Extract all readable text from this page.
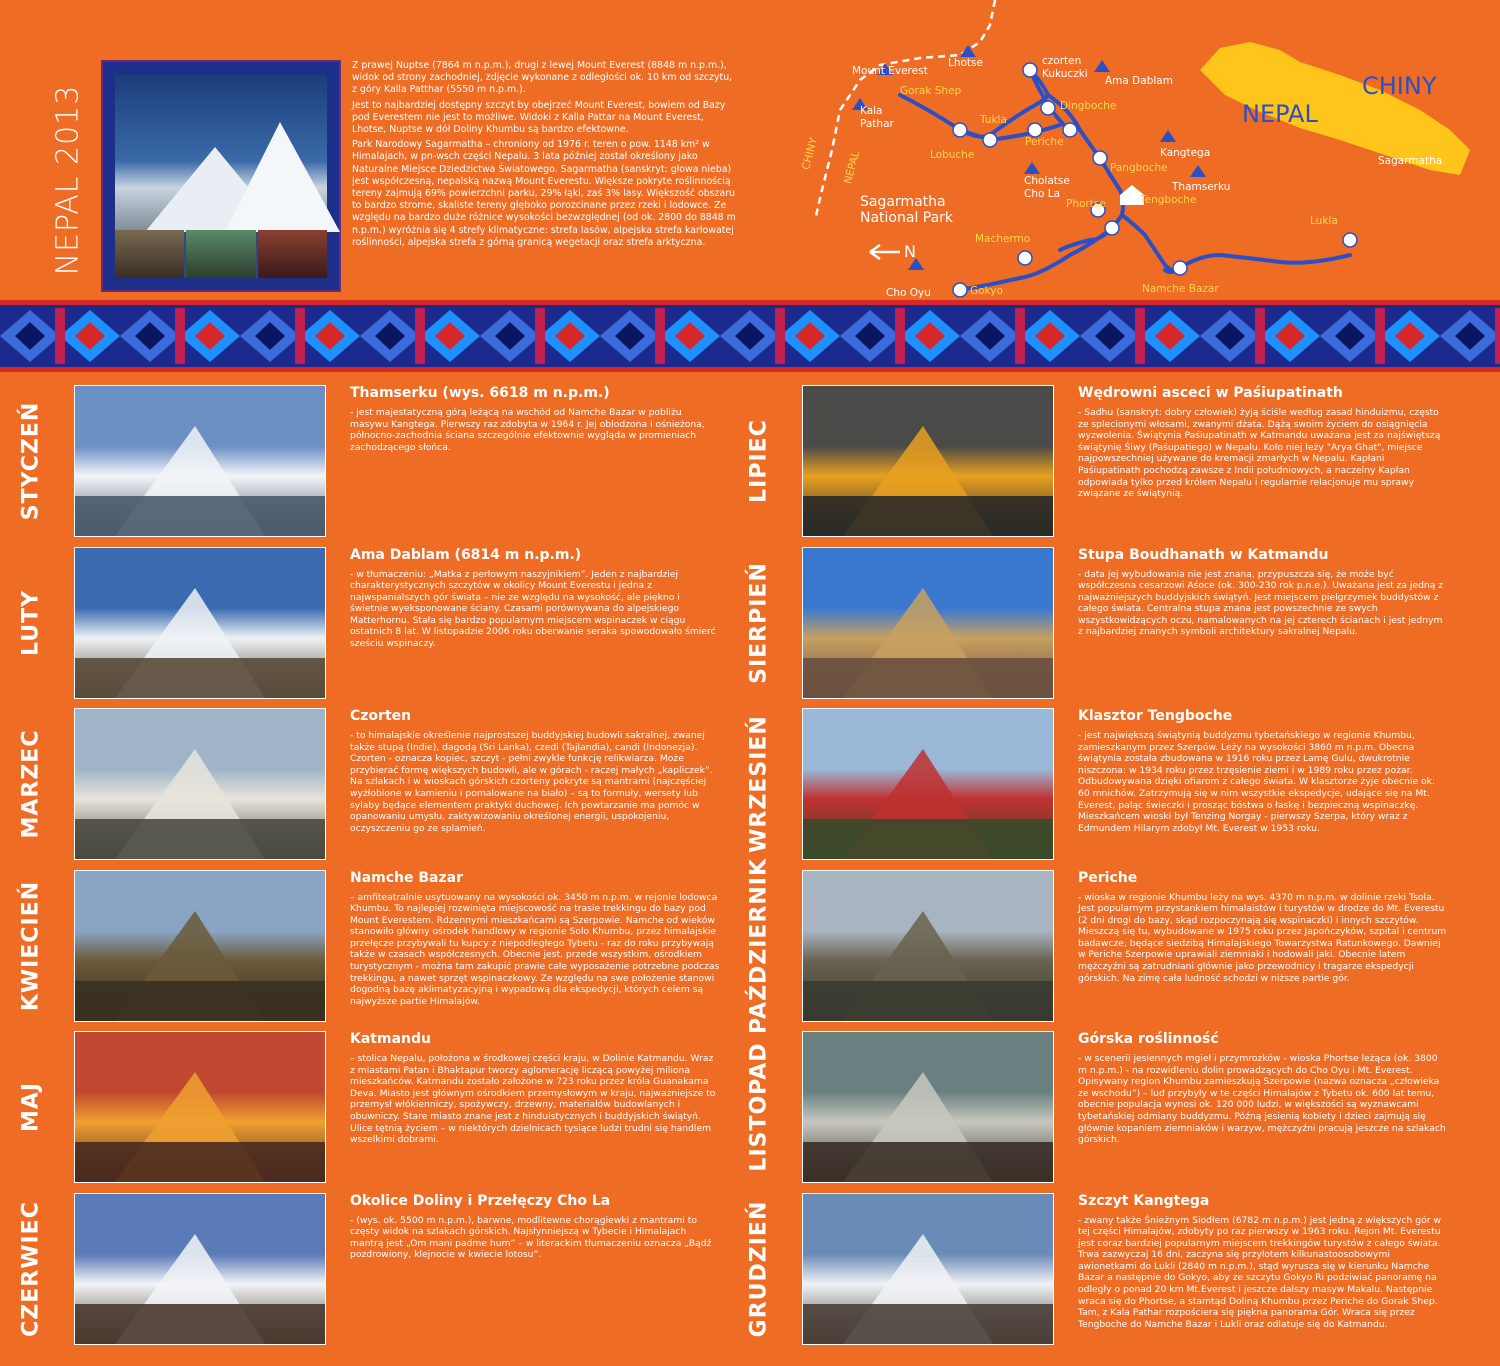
NEPAL 2013

Z prawej Nuptse (7864 m n.p.m.), drugi z lewej Mount Everest (8848 m n.p.m.), widok od strony zachodniej, zdjęcie wykonane z odległości ok. 10 km od szczytu, z góry Kalla Patthar (5550 m n.p.m.).

Jest to najbardziej dostępny szczyt by obejrzeć Mount Everest, bowiem od Bazy pod Everestem nie jest to możliwe. Widoki z Kalla Pattar na Mount Everest, Lhotse, Nuptse w dół Doliny Khumbu są bardzo efektowne.

Park Narodowy Sagarmatha – chroniony od 1976 r. teren o pow. 1148 km² w Himalajach, w pn-wsch części Nepalu. 3 lata później został określony jako Naturalne Miejsce Dziedzictwa Światowego. Sagarmatha (sanskryt: głowa nieba) jest współczesną, nepalską nazwą Mount Everestu. Większe pokryte roślinnością tereny zajmują 69% powierzchni parku, 29% łąki, zaś 3% lasy. Większość obszaru to bardzo strome, skaliste tereny głęboko porozcinane przez rzeki i lodowce. Ze względu na bardzo duże różnice wysokości bezwzględnej (od ok. 2800 do 8848 m n.p.m.) wyróżnia się 4 strefy klimatyczne: strefa lasów, alpejska strefa karłowatej roślinności, alpejska strefa z górną granicą wegetacji oraz strefa arktyczna.

Mount Everest
Lhotse	czorten
Kukuczki
Ama Dablam
Kala
Pathar
Gorak Shep
Tukla
Dingboche
Lobuche
Periche
CHINY NEPAL	Kangtega
Pangboche
Cholatse
Cho La
Thamserku
Sagarmatha
National Park
Phortse	Tengboche
Machermo
N
Cho Oyu	Gokyo	Namche Bazar
Lukla
NEPAL
CHINY
Sagarmatha
STYCZEŃ
Thamserku (wys. 6618 m n.p.m.)
- jest majestatyczną górą leżącą na wschód od Namche Bazar w pobliżu masywu Kangtega. Pierwszy raz zdobyta w 1964 r. Jej oblodzona i ośnieżona, północno-zachodnia ściana szczególnie efektownie wygląda w promieniach zachodzącego słońca.
LUTY
Ama Dablam (6814 m n.p.m.)
- w tłumaczeniu: „Matka z perłowym naszyjnikiem”. Jeden z najbardziej charakterystycznych szczytów w okolicy Mount Everestu i jedna z najwspanialszych gór świata – nie ze względu na wysokość, ale piękno i świetnie wyeksponowane ściany. Czasami porównywana do alpejskiego Matterhornu. Stała się bardzo popularnym miejscem wspinaczek w ciągu ostatnich 8 lat. W listopadzie 2006 roku oberwanie seraka spowodowało śmierć sześciu wspinaczy.
MARZEC
Czorten
- to himalajskie określenie najprostszej buddyjskiej budowli sakralnej, zwanej także stupą (Indie), dagodą (Sri Lanka), czedi (Tajlandia), candi (Indonezja). Czorten - oznacza kopiec, szczyt - pełni zwykle funkcję relikwiarza. Może przybierać formę większych budowli, ale w górach - raczej małych „kapliczek”. Na szlakach i w wioskach górskich czorteny pokryte są mantrami (najczęściej wyżłobione w kamieniu i pomalowane na biało) – są to formuły, wersety lub sylaby będące elementem praktyki duchowej. Ich powtarzanie ma pomóc w opanowaniu umysłu, zaktywizowaniu określonej energii, uspokojeniu, oczyszczeniu go ze splamień.
KWIECIEŃ
Namche Bazar
– amfiteatralnie usytuowany na wysokości ok. 3450 m n.p.m. w rejonie lodowca Khumbu. To najlepiej rozwinięta miejscowość na trasie trekkingu do bazy pod Mount Everestem. Rdzennymi mieszkańcami są Szerpowie. Namche od wieków stanowiło główny ośrodek handlowy w regionie Solo Khumbu, przez himalajskie przełęcze przybywali tu kupcy z niepodległego Tybetu - raz do roku przybywają także w czasach współczesnych. Obecnie jest, przede wszystkim, ośrodkiem turystycznym - można tam zakupić prawie całe wyposażenie potrzebne podczas trekkingu, a nawet sprzęt wspinaczkowy. Ze względu na swe położenie stanowi dogodną bazę aklimatyzacyjną i wypadową dla ekspedycji, których celem są najwyższe partie Himalajów.
MAJ
Katmandu
– stolica Nepalu, położona w środkowej części kraju, w Dolinie Katmandu. Wraz z miastami Patan i Bhaktapur tworzy aglomerację liczącą powyżej miliona mieszkańców. Katmandu zostało założone w 723 roku przez króla Guanakama Deva. Miasto jest głównym ośrodkiem przemysłowym w kraju, najważniejsze to przemysł włókienniczy, spożywczy, drzewny, materiałów budowlanych i obuwniczy. Stare miasto znane jest z hinduistycznych i buddyjskich świątyń. Ulice tętnią życiem – w niektórych dzielnicach tysiące ludzi trudni się handlem wszelkimi dobrami.
CZERWIEC
Okolice Doliny i Przełęczy Cho La
- (wys. ok. 5500 m n.p.m.), barwne, modlitewne chorągiewki z mantrami to częsty widok na szlakach górskich. Najsłynniejszą w Tybecie i Himalajach mantrą jest „Om mani padme hum” – w literackim tłumaczeniu oznacza „Bądź pozdrowiony, klejnocie w kwiecie lotosu”.
LIPIEC
Wędrowni asceci w Paśiupatinath
- Sadhu (sanskryt: dobry człowiek) żyją ściśle według zasad hinduizmu, często ze splecionymi włosami, zwanymi dżata. Dążą swoim życiem do osiągnięcia wyzwolenia. Świątynia Paśiupatinath w Katmandu uważana jest za najświętszą świątynię Śiwy (Paśupatiego) w Nepalu. Koło niej leży "Arya Ghat", miejsce najpowszechniej używane do kremacji zmarłych w Nepalu. Kapłani Paśiupatinath pochodzą zawsze z Indii południowych, a naczelny Kapłan odpowiada tylko przed królem Nepalu i regularnie relacjonuje mu sprawy związane ze świątynią.
SIERPIEŃ
Stupa Boudhanath w Katmandu
- data jej wybudowania nie jest znana, przypuszcza się, że może być współczesna cesarzowi Aśoce (ok. 300-230 rok p.n.e.). Uważana jest za jedną z najważniejszych buddyjskich świątyń. Jest miejscem pielgrzymek buddystów z całego świata. Centralna stupa znana jest powszechnie ze swych wszystkowidzących oczu, namalowanych na jej czterech ścianach i jest jednym z najbardziej znanych symboli architektury sakralnej Nepalu.
WRZESIEŃ	Klasztor Tengboche
- jest największą świątynią buddyzmu tybetańskiego w regionie Khumbu, zamieszkanym przez Szerpów. Leży na wysokości 3860 m n.p.m. Obecna świątynia została zbudowana w 1916 roku przez Lamę Gulu, dwukrotnie niszczona: w 1934 roku przez trzęsienie ziemi i w 1989 roku przez pożar. Odbudowywana dzięki ofiarom z całego świata. W klasztorze żyje obecnie ok. 60 mnichów. Zatrzymują się w nim wszystkie ekspedycje, udające się na Mt. Everest, paląc świeczki i prosząc bóstwa o łaskę i bezpieczną wspinaczkę. Mieszkańcem wioski był Tenzing Norgay - pierwszy Szerpa, który wraz z Edmundem Hilarym zdobył Mt. Everest w 1953 roku.
PAŹDZIERNIK	Periche
- wioska w regionie Khumbu leży na wys. 4370 m n.p.m. w dolinie rzeki Tsola. Jest popularnym przystankiem himalaistów i turystów w drodze do Mt. Everestu (2 dni drogi do bazy, skąd rozpoczynają się wspinaczki) i innych szczytów. Mieszczą się tu, wybudowane w 1975 roku przez Japończyków, szpital i centrum badawcze, będące siedzibą Himalajskiego Towarzystwa Ratunkowego. Dawniej w Periche Szerpowie uprawiali ziemniaki i hodowali jaki. Obecnie latem mężczyźni są zatrudniani głównie jako przewodnicy i tragarze ekspedycji górskich. Na zimę cała ludność schodzi w niższe partie gór.
LISTOPAD
Górska roślinność
- w scenerii jesiennych mgieł i przymrozków - wioska Phortse leżąca (ok. 3800 m n.p.m.) - na rozwidleniu dolin prowadzących do Cho Oyu i Mt. Everest. Opisywany region Khumbu zamieszkują Szerpowie (nazwa oznacza „człowieka ze wschodu”) – lud przybyły w te części Himalajów z Tybetu ok. 600 lat temu, obecnie populacja wynosi ok. 120 000 ludzi, w większości są wyznawcami tybetańskiej odmiany buddyzmu. Późną jesienią kobiety i dzieci zajmują się głównie kopaniem ziemniaków i warzyw, mężczyźni pracują jeszcze na szlakach górskich.
GRUDZIEŃ	Szczyt Kangtega
- zwany także Śnieżnym Siodłem (6782 m n.p.m.) jest jedną z większych gór w tej części Himalajów, zdobyty po raz pierwszy w 1963 roku. Rejon Mt. Everestu jest coraz bardziej popularnym miejscem trekkingów turystów z całego świata. Trwa zazwyczaj 16 dni, zaczyna się przylotem kilkunastoosobowymi awionetkami do Lukli (2840 m n.p.m.), stąd wyrusza się w kierunku Namche Bazar a następnie do Gokyo, aby ze szczytu Gokyo Ri podziwiać panoramę na odległy o ponad 20 km Mt.Everest i jeszcze dalszy masyw Makalu. Następnie wraca się do Phortse, a stamtąd Doliną Khumbu przez Periche do Gorak Shep. Tam, z Kala Pathar rozpościera się piękna panorama Gór. Wraca się przez Tengboche do Namche Bazar i Lukli oraz odlatuje się do Katmandu.
